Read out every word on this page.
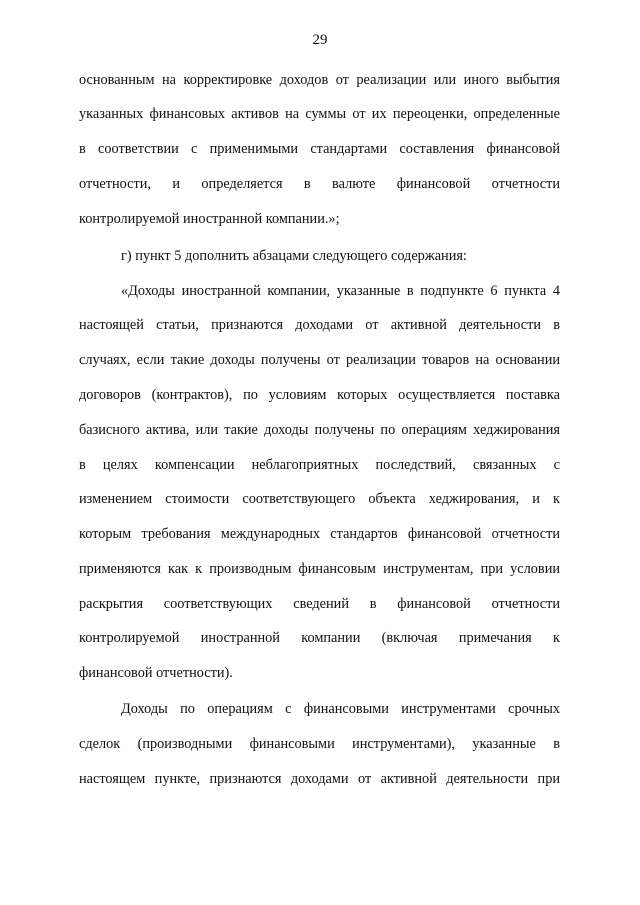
29
основанным на корректировке доходов от реализации или иного выбытия
указанных финансовых активов на суммы от их переоценки, определенные
в соответствии с применимыми стандартами составления финансовой
отчетности, и определяется в валюте финансовой отчетности
контролируемой иностранной компании.»;
г) пункт 5 дополнить абзацами следующего содержания:
«Доходы иностранной компании, указанные в подпункте 6 пункта 4
настоящей статьи, признаются доходами от активной деятельности в
случаях, если такие доходы получены от реализации товаров на основании
договоров (контрактов), по условиям которых осуществляется поставка
базисного актива, или такие доходы получены по операциям хеджирования
в целях компенсации неблагоприятных последствий, связанных с
изменением стоимости соответствующего объекта хеджирования, и к
которым требования международных стандартов финансовой отчетности
применяются как к производным финансовым инструментам, при условии
раскрытия соответствующих сведений в финансовой отчетности
контролируемой иностранной компании (включая примечания к
финансовой отчетности).
Доходы по операциям с финансовыми инструментами срочных
сделок (производными финансовыми инструментами), указанные в
настоящем пункте, признаются доходами от активной деятельности при
